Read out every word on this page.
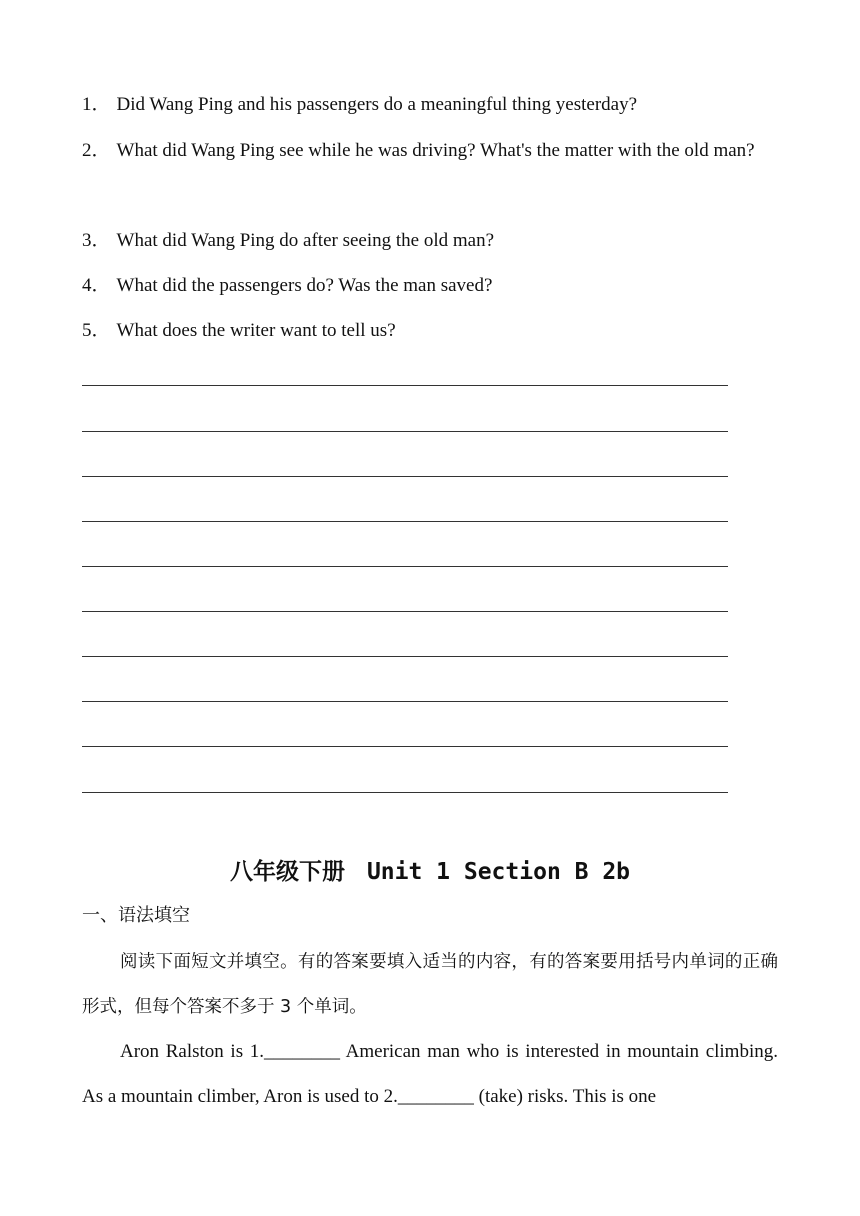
1． Did Wang Ping and his passengers do a meaningful thing yesterday?

2． What did Wang Ping see while he was driving? What's the matter with the old man?

3． What did Wang Ping do after seeing the old man?

4． What did the passengers do? Was the man saved?

5． What does the writer want to tell us?

八年级下册 Unit 1 Section B 2b

一、语法填空

阅读下面短文并填空。有的答案要填入适当的内容，有的答案要用括号内单词的正确形式，但每个答案不多于 3 个单词。

Aron Ralston is 1.________ American man who is interested in mountain climbing. As a mountain climber, Aron is used to 2.________ (take) risks. This is one
